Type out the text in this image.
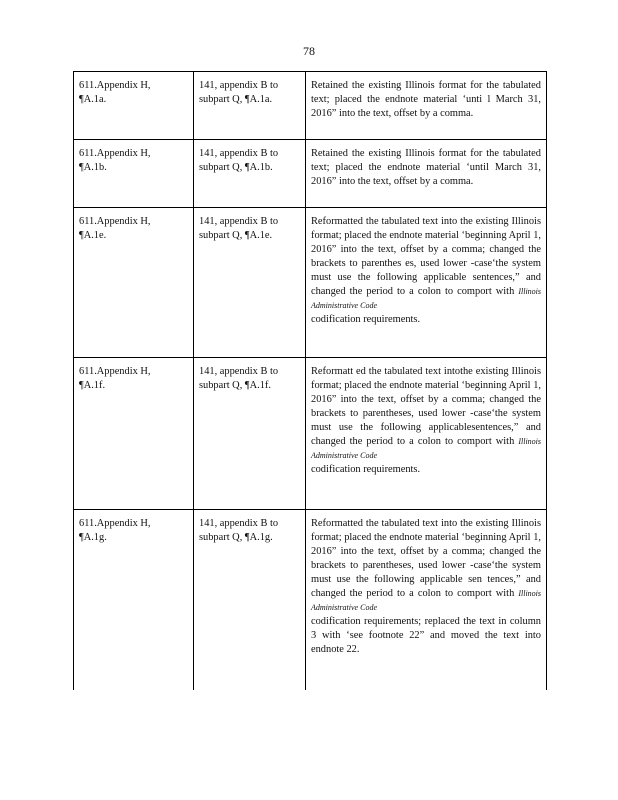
78
611.Appendix H,
¶A.1a.	141, appendix B to
subpart Q, ¶A.1a.	Retained the existing Illinois format for the tabulated text; placed the endnote material ‘unti l March 31, 2016” into the text, offset by a comma.

611.Appendix H,
¶A.1b.	141, appendix B to
subpart Q, ¶A.1b.	Retained the existing Illinois format for the tabulated text; placed the endnote material ‘until March 31, 2016” into the text, offset by a comma.

611.Appendix H,
¶A.1e.	141, appendix B to
subpart Q, ¶A.1e.	Reformatted the tabulated text into the existing Illinois format; placed the endnote material ‘beginning April 1, 2016” into the text, offset by a comma; changed the brackets to parenthes es, used lower -case‘the system must use the following applicable sentences,” and changed the period to a colon to comport with Illinois Administrative Code
codification requirements.

611.Appendix H,
¶A.1f.	141, appendix B to
subpart Q, ¶A.1f.	Reformatt ed the tabulated text intothe existing Illinois format; placed the endnote material ‘beginning April 1, 2016” into the text, offset by a comma; changed the brackets to parentheses, used lower -case‘the system must use the following applicablesentences,” and changed the period to a colon to comport with Illinois Administrative Code
codification requirements.

611.Appendix H,
¶A.1g.	141, appendix B to
subpart Q, ¶A.1g.	Reformatted the tabulated text into the existing Illinois format; placed the endnote material ‘beginning April 1, 2016” into the text, offset by a comma; changed the brackets to parentheses, used lower -case‘the system must use the following applicable sen tences,” and changed the period to a colon to comport with Illinois Administrative Code
codification requirements; replaced the text in column 3 with ‘see footnote 22” and moved the text into endnote 22.
